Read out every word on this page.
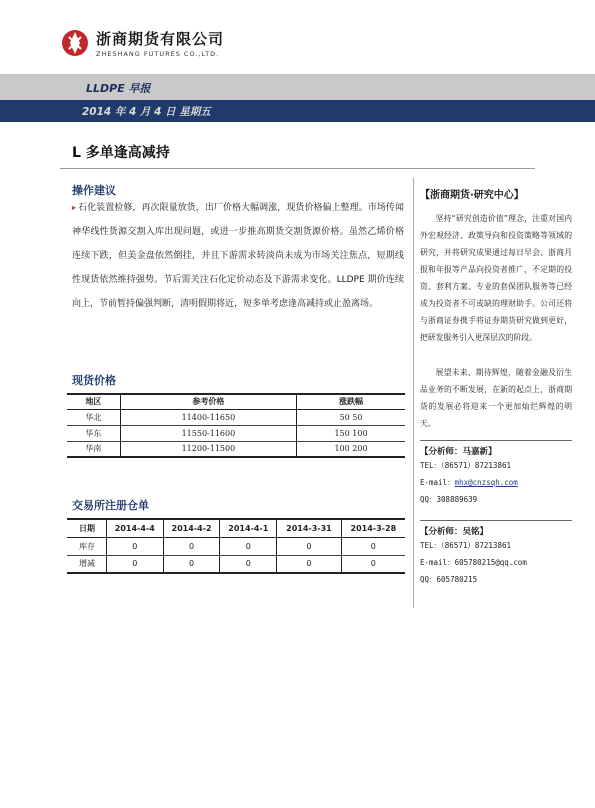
浙商期货有限公司
ZHESHANG FUTURES CO.,LTD.
LLDPE 早报
2014 年 4 月 4 日 星期五
L 多单逢高减持
操作建议
▸ 石化装置检修，再次限量放货，出厂价格大幅调涨，现货价格偏上整理。市场传闻神华线性货源交割入库出现问题，或进一步推高期货交割货源价格。虽然乙烯价格连续下跌，但美金盘依然倒挂，并且下游需求转淡尚未成为市场关注焦点，短期线性现货依然维持强势。节后需关注石化定价动态及下游需求变化。LLDPE 期价连续向上，节前暂持偏强判断，清明假期将近，短多单考虑逢高减持或止盈离场。
现货价格
地区	参考价格	涨跌幅
华北	11400-11650	50 50
华东	11550-11600	150 100
华南	11200-11500	100 200
交易所注册仓单
日期	2014-4-4	2014-4-2	2014-4-1	2014-3-31	2014-3-28
库存	0	0	0	0	0
增减	0	0	0	0	0
【浙商期货·研究中心】
坚持“研究创造价值”理念，注重对国内外宏观经济、政策导向和投资策略等领域的研究，并将研究成果通过每日早会、浙商月报和年报等产品向投资者推广，不定期的投资、套利方案、专业的套保团队服务等已经成为投资者不可或缺的理财助手。公司还将与浙商证券携手将证券期货研究做到更好，把研发服务引入更深层次的阶段。
展望未来、期待辉煌，随着金融及衍生品业务的不断发展，在新的起点上，浙商期货的发展必将迎来一个更加灿烂辉煌的明天。
【分析师：马嘉新】
TEL：（86571）87213861
E-mail：mhx@cnzsqh.com
QQ：308889639
【分析师：吴铭】
TEL：（86571）87213861
E-mail：605780215@qq.com
QQ：605780215
